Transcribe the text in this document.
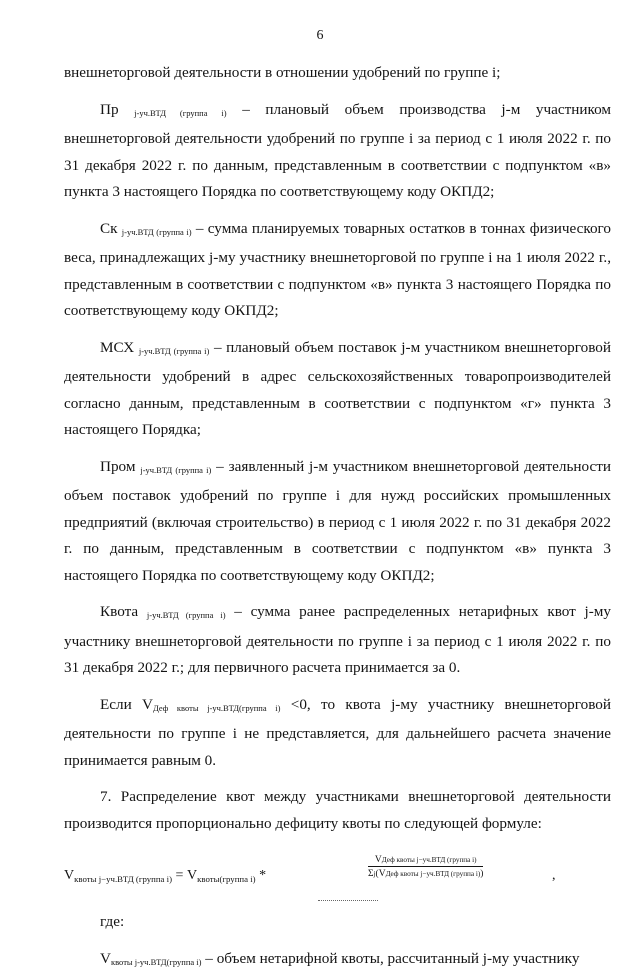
6

внешнеторговой деятельности в отношении удобрений по группе i;

Пр $_{j-уч.ВТД (группа i)}$ – плановый объем производства j-м участником внешнеторговой деятельности удобрений по группе i за период с 1 июля 2022 г. по 31 декабря 2022 г. по данным, представленным в соответствии с подпунктом «в» пункта 3 настоящего Порядка по соответствующему коду ОКПД2;

Ск $_{j-уч.ВТД (группа i)}$ – сумма планируемых товарных остатков в тоннах физического веса, принадлежащих j-му участнику внешнеторговой по группе i на 1 июля 2022 г., представленным в соответствии с подпунктом «в» пункта 3 настоящего Порядка по соответствующему коду ОКПД2;

МСХ $_{j-уч.ВТД (группа i)}$ – плановый объем поставок j-м участником внешнеторговой деятельности удобрений в адрес сельскохозяйственных товаропроизводителей согласно данным, представленным в соответствии с подпунктом «г» пункта 3 настоящего Порядка;

Пром $_{j-уч.ВТД (группа i)}$ – заявленный j-м участником внешнеторговой деятельности объем поставок удобрений по группе i для нужд российских промышленных предприятий (включая строительство) в период с 1 июля 2022 г. по 31 декабря 2022 г. по данным, представленным в соответствии с подпунктом «в» пункта 3 настоящего Порядка по соответствующему коду ОКПД2;

Квота $_{j-уч.ВТД (группа i)}$ – сумма ранее распределенных нетарифных квот j-му участнику внешнеторговой деятельности по группе i за период с 1 июля 2022 г. по 31 декабря 2022 г.; для первичного расчета принимается за 0.

Если $V_{Деф квоты j-уч.ВТД(группа i)} <0$, то квота j-му участнику внешнеторговой деятельности по группе i не представляется, для дальнейшего расчета значение принимается равным 0.

7. Распределение квот между участниками внешнеторговой деятельности производится пропорционально дефициту квоты по следующей формуле:

$V_{квоты j-уч.ВТД (группа i)} = V_{квоты(группа i)}$ *
VДеф квоты j−уч.ВТД (группа i)
Σj(VДеф квоты j−уч.ВТД (группа i))	,

где:

$V_{квоты j-уч.ВТД(группа i)}$ – объем нетарифной квоты, рассчитанный j-му участнику
